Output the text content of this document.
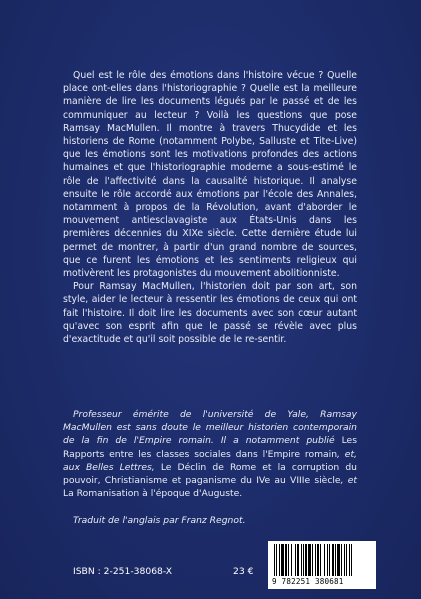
Quel est le rôle des émotions dans l'histoire vécue ? Quelle place ont-elles dans l'historiographie ? Quelle est la meilleure manière de lire les documents légués par le passé et de les communiquer au lecteur ? Voilà les questions que pose Ramsay MacMullen. Il montre à travers Thucydide et les historiens de Rome (notamment Polybe, Salluste et Tite-Live) que les émotions sont les motivations profondes des actions humaines et que l'historiographie moderne a sous-estimé le rôle de l'affectivité dans la causalité historique. Il analyse ensuite le rôle accordé aux émotions par l'école des Annales, notamment à propos de la Révolution, avant d'aborder le mouvement antiesclavagiste aux États-Unis dans les premières décennies du XIXe siècle. Cette dernière étude lui permet de montrer, à partir d'un grand nombre de sources, que ce furent les émotions et les sentiments religieux qui motivèrent les protagonistes du mouvement abolitionniste.

Pour Ramsay MacMullen, l'historien doit par son art, son style, aider le lecteur à ressentir les émotions de ceux qui ont fait l'histoire. Il doit lire les documents avec son cœur autant qu'avec son esprit afin que le passé se révèle avec plus d'exactitude et qu'il soit possible de le re-sentir.

Professeur émérite de l'université de Yale, Ramsay MacMullen est sans doute le meilleur historien contemporain de la fin de l'Empire romain. Il a notamment publié Les Rapports entre les classes sociales dans l'Empire romain, et, aux Belles Lettres, Le Déclin de Rome et la corruption du pouvoir, Christianisme et paganisme du IVe au VIIIe siècle, et La Romanisation à l'époque d'Auguste.
Traduit de l'anglais par Franz Regnot.
ISBN : 2-251-38068-X	23 €
9 782251 380681
